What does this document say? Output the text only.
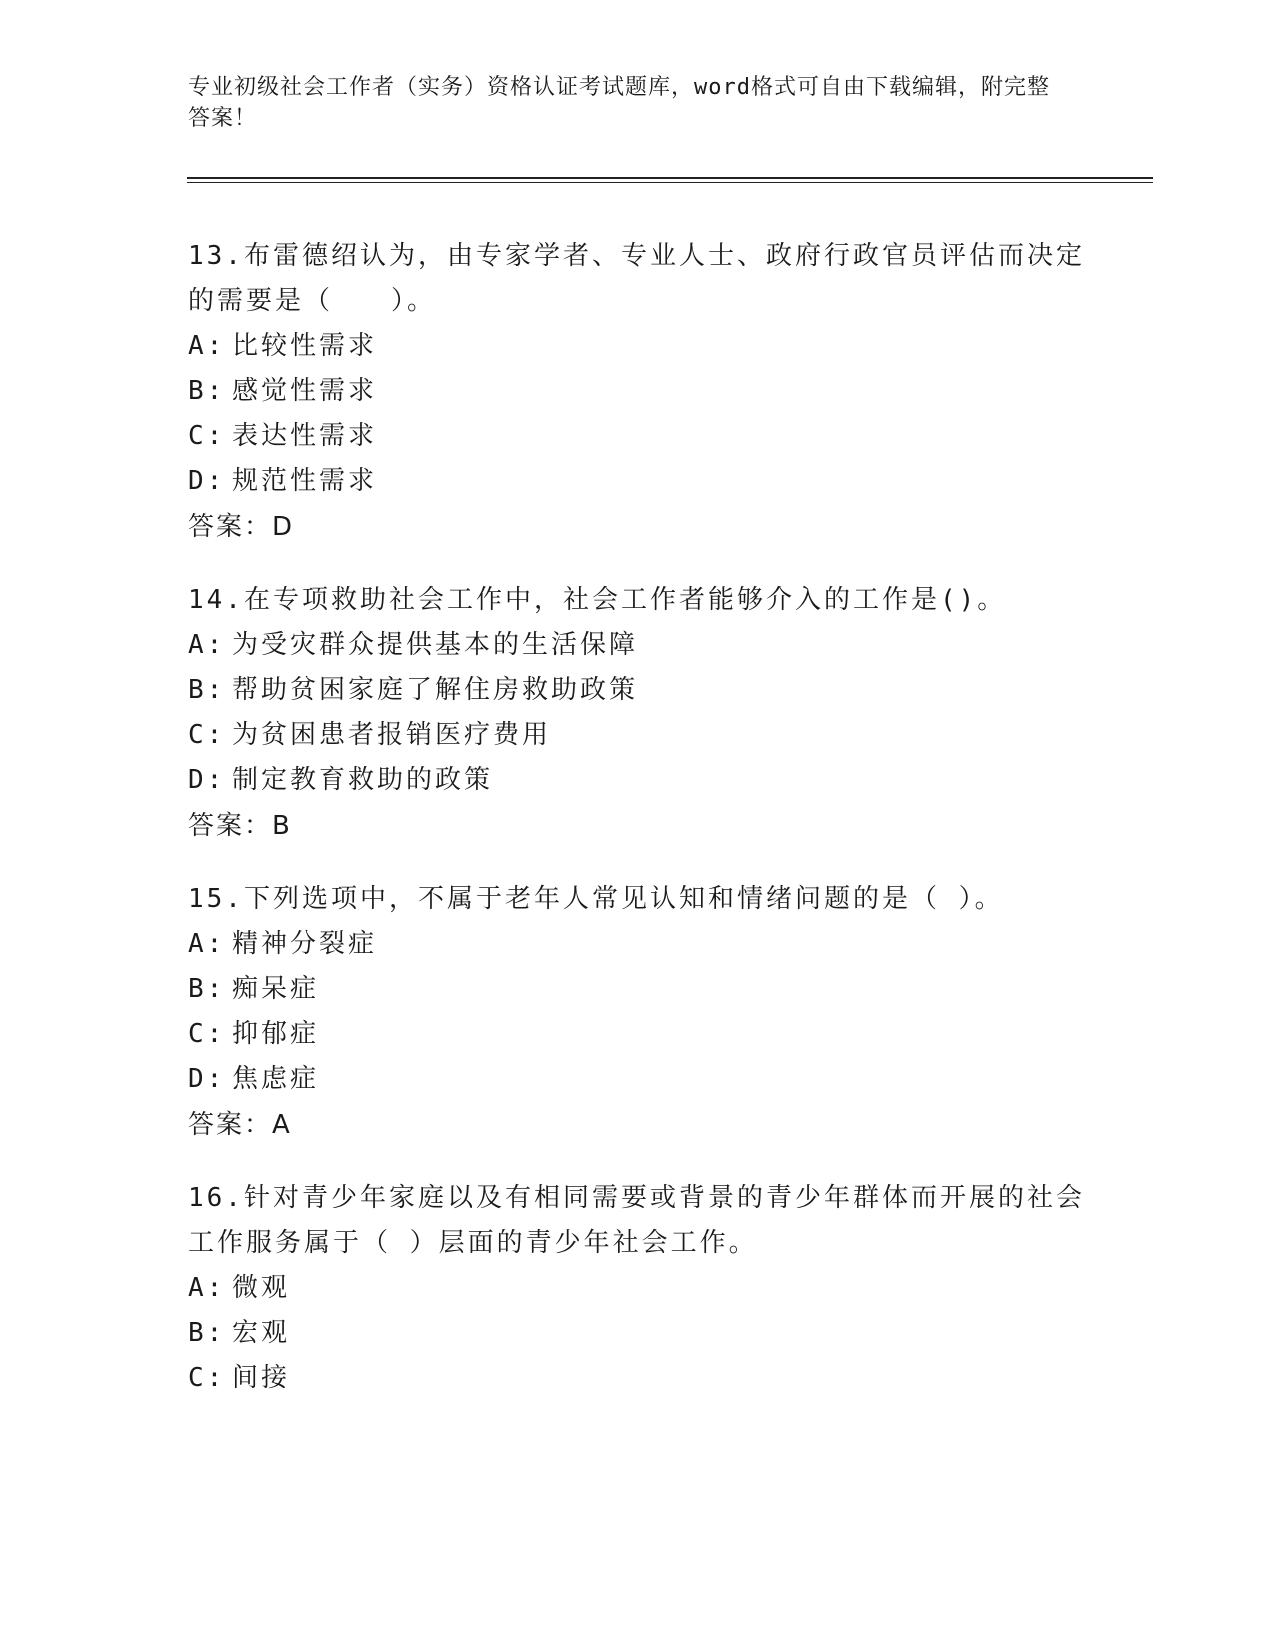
专业初级社会工作者（实务）资格认证考试题库，word格式可自由下载编辑，附完整答案！
13.布雷德绍认为，由专家学者、专业人士、政府行政官员评估而决定的需要是（　　）。
A: 比较性需求
B: 感觉性需求
C: 表达性需求
D: 规范性需求
答案：D
14.在专项救助社会工作中，社会工作者能够介入的工作是()。
A: 为受灾群众提供基本的生活保障
B: 帮助贫困家庭了解住房救助政策
C: 为贫困患者报销医疗费用
D: 制定教育救助的政策
答案：B
15.下列选项中，不属于老年人常见认知和情绪问题的是（ ）。
A: 精神分裂症
B: 痴呆症
C: 抑郁症
D: 焦虑症
答案：A
16.针对青少年家庭以及有相同需要或背景的青少年群体而开展的社会工作服务属于（ ）层面的青少年社会工作。
A: 微观
B: 宏观
C: 间接
